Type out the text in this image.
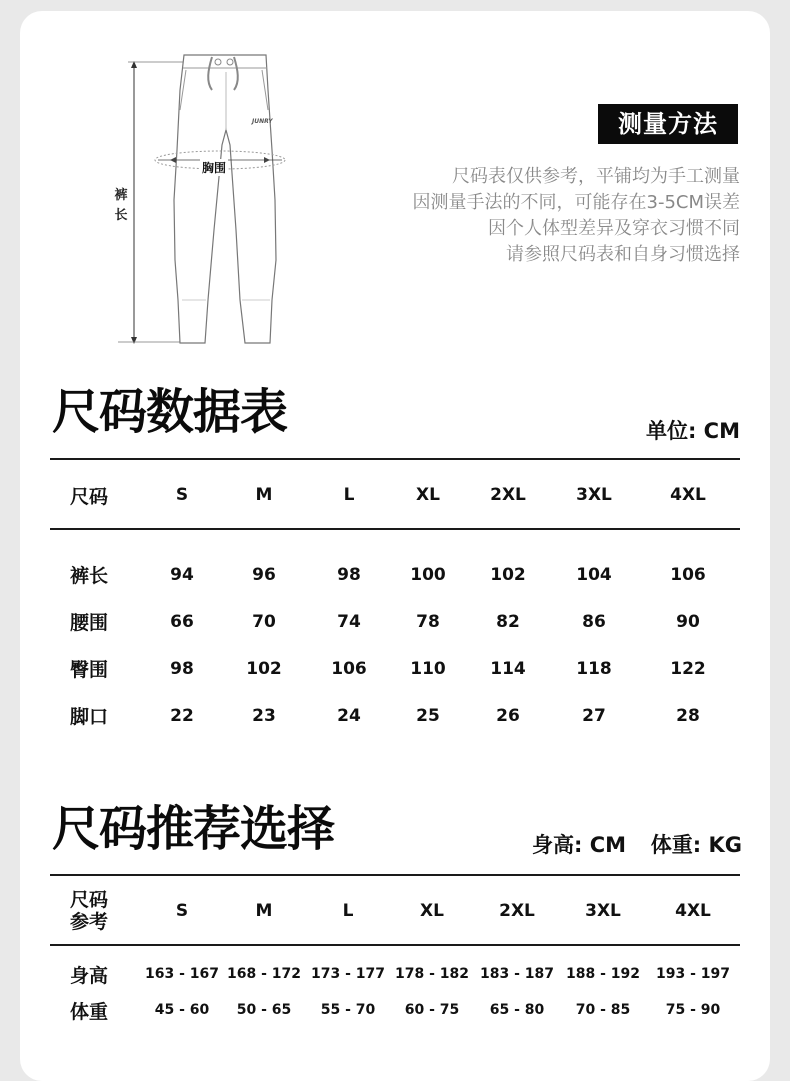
JUNRY
裤长
胸围
测量方法
尺码表仅供参考，平铺均为手工测量
因测量手法的不同，可能存在3-5CM误差
因个人体型差异及穿衣习惯不同
请参照尺码表和自身习惯选择
尺码数据表	单位: CM
尺码	S	M	L	XL	2XL	3XL	4XL
裤长	94	96	98	100	102	104	106
腰围	66	70	74	78	82	86	90
臀围	98	102	106	110	114	118	122
脚口	22	23	24	25	26	27	28
尺码推荐选择	身高: CM 体重: KG
尺码
参考	S	M	L	XL	2XL	3XL	4XL
身高	163 - 167	168 - 172	173 - 177	178 - 182	183 - 187	188 - 192	193 - 197
体重	45 - 60	50 - 65	55 - 70	60 - 75	65 - 80	70 - 85	75 - 90
